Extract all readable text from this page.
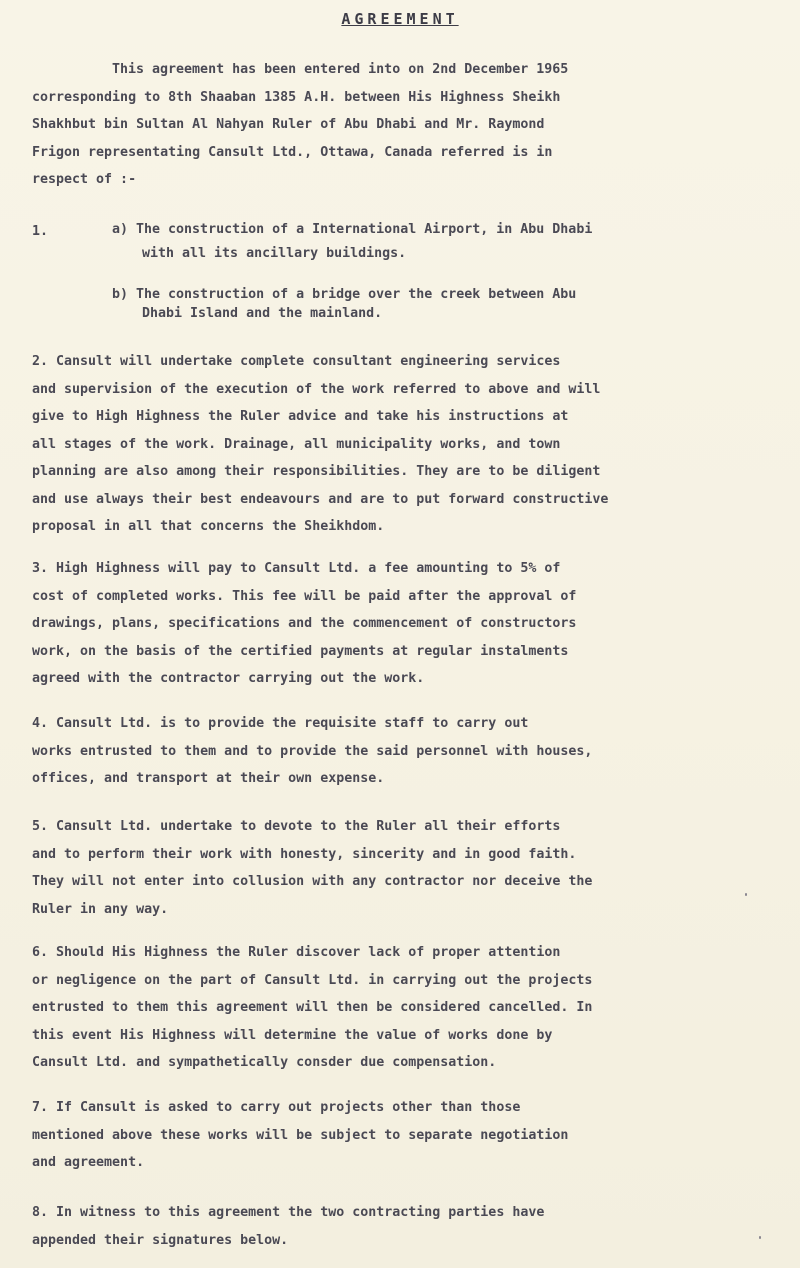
AGREEMENT
This agreement has been entered into on 2nd December 1965
corresponding to 8th Shaaban 1385 A.H. between His Highness Sheikh
Shakhbut bin Sultan Al Nahyan Ruler of Abu Dhabi and Mr. Raymond
Frigon representating Cansult Ltd., Ottawa, Canada referred is in
respect of :-
1.	a) The construction of a International Airport, in Abu Dhabi
with all its ancillary buildings.
b) The construction of a bridge over the creek between Abu
Dhabi Island and the mainland.
2. Cansult will undertake complete consultant engineering services
and supervision of the execution of the work referred to above and will
give to High Highness the Ruler advice and take his instructions at
all stages of the work. Drainage, all municipality works, and town
planning are also among their responsibilities. They are to be diligent
and use always their best endeavours and are to put forward constructive
proposal in all that concerns the Sheikhdom.
3. High Highness will pay to Cansult Ltd. a fee amounting to 5% of
cost of completed works. This fee will be paid after the approval of
drawings, plans, specifications and the commencement of constructors
work, on the basis of the certified payments at regular instalments
agreed with the contractor carrying out the work.
4. Cansult Ltd. is to provide the requisite staff to carry out
works entrusted to them and to provide the said personnel with houses,
offices, and transport at their own expense.
5. Cansult Ltd. undertake to devote to the Ruler all their efforts
and to perform their work with honesty, sincerity and in good faith.
They will not enter into collusion with any contractor nor deceive the
Ruler in any way.
6. Should His Highness the Ruler discover lack of proper attention
or negligence on the part of Cansult Ltd. in carrying out the projects
entrusted to them this agreement will then be considered cancelled. In
this event His Highness will determine the value of works done by
Cansult Ltd. and sympathetically consder due compensation.
7. If Cansult is asked to carry out projects other than those
mentioned above these works will be subject to separate negotiation
and agreement.
8. In witness to this agreement the two contracting parties have
appended their signatures below.
